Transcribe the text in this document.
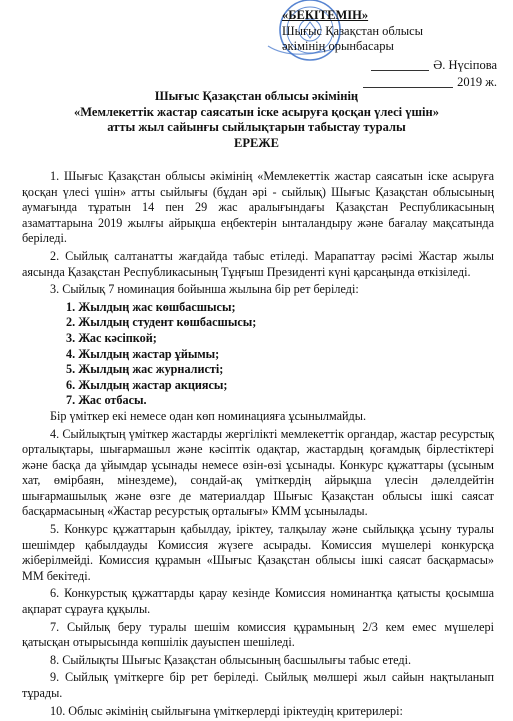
«БЕКІТЕМІН»
Шығыс Қазақстан облысы
әкімінің орынбасары
Ә. Нүсіпова
2019 ж.
Шығыс Қазақстан облысы әкімінің
«Мемлекеттік жастар саясатын іске асыруға қосқан үлесі үшін»
атты жыл сайынғы сыйлықтарын табыстау туралы
ЕРЕЖЕ

1. Шығыс Қазақстан облысы әкімінің «Мемлекеттік жастар саясатын іске асыруға қосқан үлесі үшін» атты сыйлығы (бұдан әрі - сыйлық) Шығыс Қазақстан облысының аумағында тұратын 14 пен 29 жас аралығындағы Қазақстан Республикасының азаматтарына 2019 жылғы айрықша еңбектерін ынталандыру және бағалау мақсатында беріледі.

2. Сыйлық салтанатты жағдайда табыс етіледі. Марапаттау рәсімі Жастар жылы аясында Қазақстан Республикасының Тұңғыш Президенті күні қарсаңында өткізіледі.

3. Сыйлық 7 номинация бойынша жылына бір рет беріледі:

1. Жылдың жас көшбасшысы;

2. Жылдың студент көшбасшысы;

3. Жас кәсіпкой;

4. Жылдың жастар ұйымы;

5. Жылдың жас журналисті;

6. Жылдың жастар акциясы;

7. Жас отбасы.

Бір үміткер екі немесе одан көп номинацияға ұсынылмайды.

4. Сыйлықтың үміткер жастарды жергілікті мемлекеттік органдар, жастар ресурстық орталықтары, шығармашыл және кәсіптік одақтар, жастардың қоғамдық бірлестіктері және басқа да ұйымдар ұсынады немесе өзін-өзі ұсынады. Конкурс құжаттары (ұсыным хат, өмірбаян, мінездеме), сондай-ақ үміткердің айрықша үлесін дәлелдейтін шығармашылық және өзге де материалдар Шығыс Қазақстан облысы ішкі саясат басқармасының «Жастар ресурстық орталығы» КММ ұсынылады.

5. Конкурс құжаттарын қабылдау, іріктеу, талқылау және сыйлыққа ұсыну туралы шешімдер қабылдауды Комиссия жүзеге асырады. Комиссия мүшелері конкурсқа жіберілмейді. Комиссия құрамын «Шығыс Қазақстан облысы ішкі саясат басқармасы» ММ бекітеді.

6. Конкурстық құжаттарды қарау кезінде Комиссия номинантқа қатысты қосымша ақпарат сұрауға құқылы.

7. Сыйлық беру туралы шешім комиссия құрамының 2/3 кем емес мүшелері қатысқан отырысында көпшілік дауыспен шешіледі.

8. Сыйлықты Шығыс Қазақстан облысының басшылығы табыс етеді.

9. Сыйлық үміткерге бір рет беріледі. Сыйлық мөлшері жыл сайын нақтыланып тұрады.

10. Облыс әкімінің сыйлығына үміткерлерді іріктеудің критерилері:
